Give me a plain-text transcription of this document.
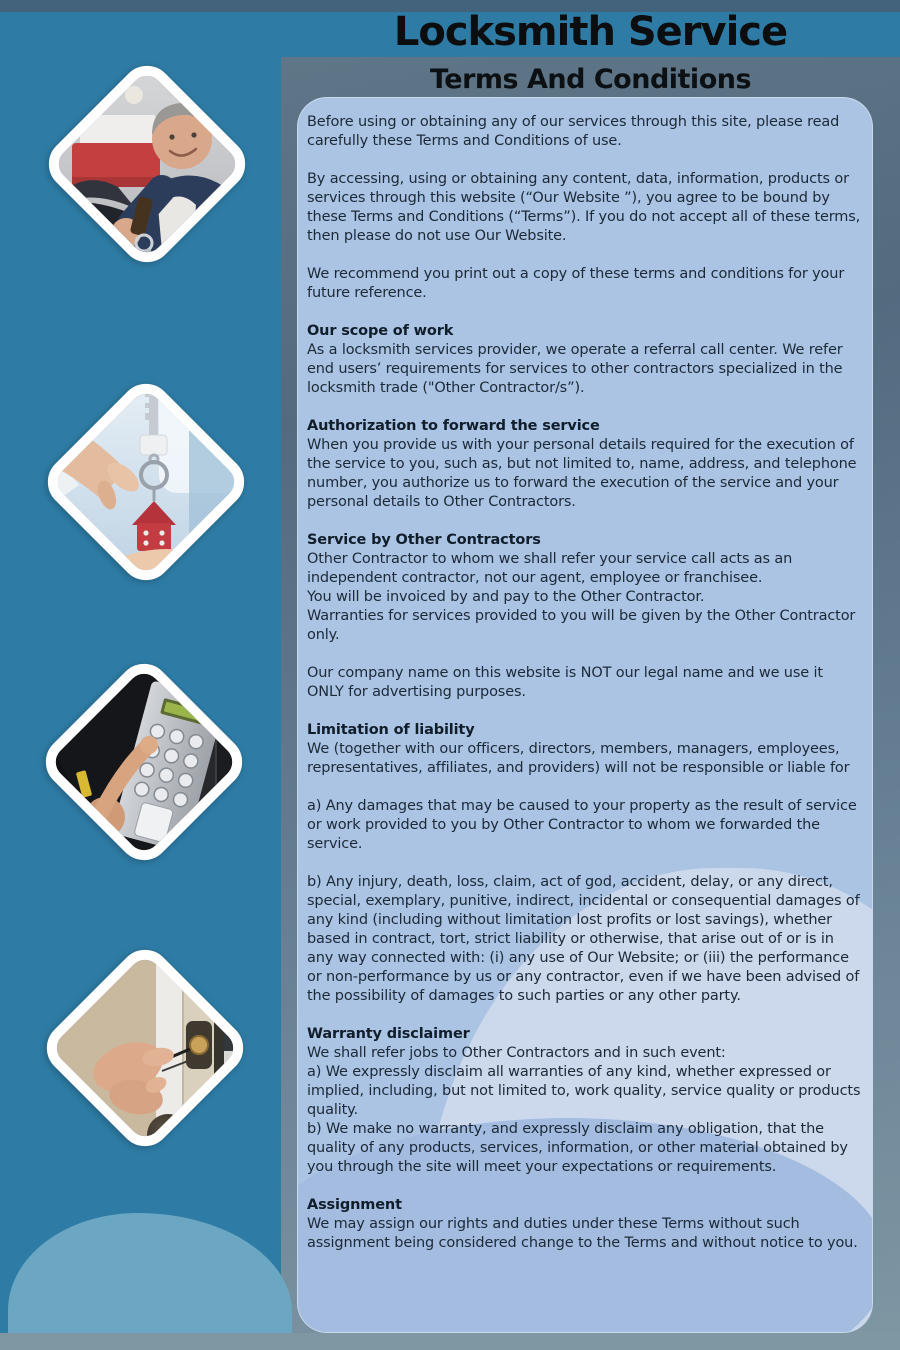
Locksmith Service
Terms And Conditions
Before using or obtaining any of our services through this site, please read carefully these Terms and Conditions of use.
By accessing, using or obtaining any content, data, information, products or services through this website (“Our Website ”), you agree to be bound by these Terms and Conditions (“Terms”). If you do not accept all of these terms, then please do not use Our Website.
We recommend you print out a copy of these terms and conditions for your future reference.
Our scope of work
As a locksmith services provider, we operate a referral call center. We refer end users’ requirements for services to other contractors specialized in the locksmith trade ("Other Contractor/s”).
Authorization to forward the service
When you provide us with your personal details required for the execution of the service to you, such as, but not limited to, name, address, and telephone number, you authorize us to forward the execution of the service and your personal details to Other Contractors.
Service by Other Contractors
Other Contractor to whom we shall refer your service call acts as an independent contractor, not our agent, employee or franchisee.
You will be invoiced by and pay to the Other Contractor.
Warranties for services provided to you will be given by the Other Contractor only.
Our company name on this website is NOT our legal name and we use it ONLY for advertising purposes.
Limitation of liability
We (together with our officers, directors, members, managers, employees, representatives, affiliates, and providers) will not be responsible or liable for
a) Any damages that may be caused to your property as the result of service or work provided to you by Other Contractor to whom we forwarded the service.
b) Any injury, death, loss, claim, act of god, accident, delay, or any direct, special, exemplary, punitive, indirect, incidental or consequential damages of any kind (including without limitation lost profits or lost savings), whether based in contract, tort, strict liability or otherwise, that arise out of or is in any way connected with: (i) any use of Our Website; or (iii) the performance or non-performance by us or any contractor, even if we have been advised of the possibility of damages to such parties or any other party.
Warranty disclaimer
We shall refer jobs to Other Contractors and in such event:
a) We expressly disclaim all warranties of any kind, whether expressed or implied, including, but not limited to, work quality, service quality or products quality.
b) We make no warranty, and expressly disclaim any obligation, that the quality of any products, services, information, or other material obtained by you through the site will meet your expectations or requirements.
Assignment
We may assign our rights and duties under these Terms without such assignment being considered change to the Terms and without notice to you.
